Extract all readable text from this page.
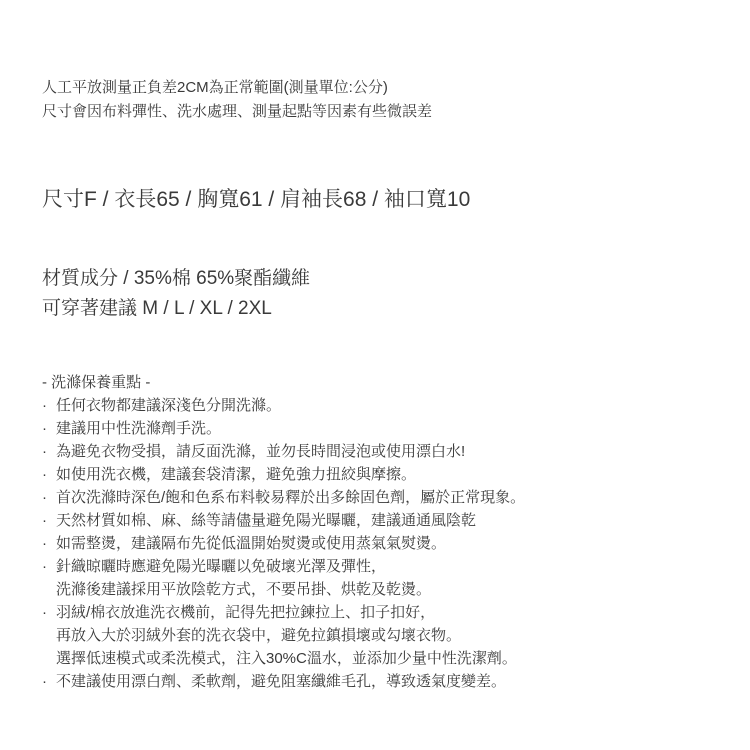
人工平放測量正負差2CM為正常範圍(測量單位:公分)
尺寸會因布料彈性、洗水處理、測量起點等因素有些微誤差
尺寸F / 衣長65 / 胸寬61 / 肩袖長68 / 袖口寬10
材質成分 / 35%棉 65%聚酯纖維
可穿著建議 M / L / XL / 2XL
- 洗滌保養重點 -
· 任何衣物都建議深淺色分開洗滌。
· 建議用中性洗滌劑手洗。
· 為避免衣物受損，請反面洗滌，並勿長時間浸泡或使用漂白水!
· 如使用洗衣機，建議套袋清潔，避免強力扭絞與摩擦。
· 首次洗滌時深色/飽和色系布料較易釋於出多餘固色劑，屬於正常現象。
· 天然材質如棉、麻、絲等請儘量避免陽光曝曬，建議通通風陰乾
· 如需整燙，建議隔布先從低溫開始熨燙或使用蒸氣氣熨燙。
· 針織晾曬時應避免陽光曝曬以免破壞光澤及彈性，
洗滌後建議採用平放陰乾方式，不要吊掛、烘乾及乾燙。
· 羽絨/棉衣放進洗衣機前，記得先把拉鍊拉上、扣子扣好，
再放入大於羽絨外套的洗衣袋中，避免拉鎮損壞或勾壞衣物。
選擇低速模式或柔洗模式，注入30%C溫水，並添加少量中性洗潔劑。
· 不建議使用漂白劑、柔軟劑，避免阻塞纖維毛孔，導致透氣度變差。
